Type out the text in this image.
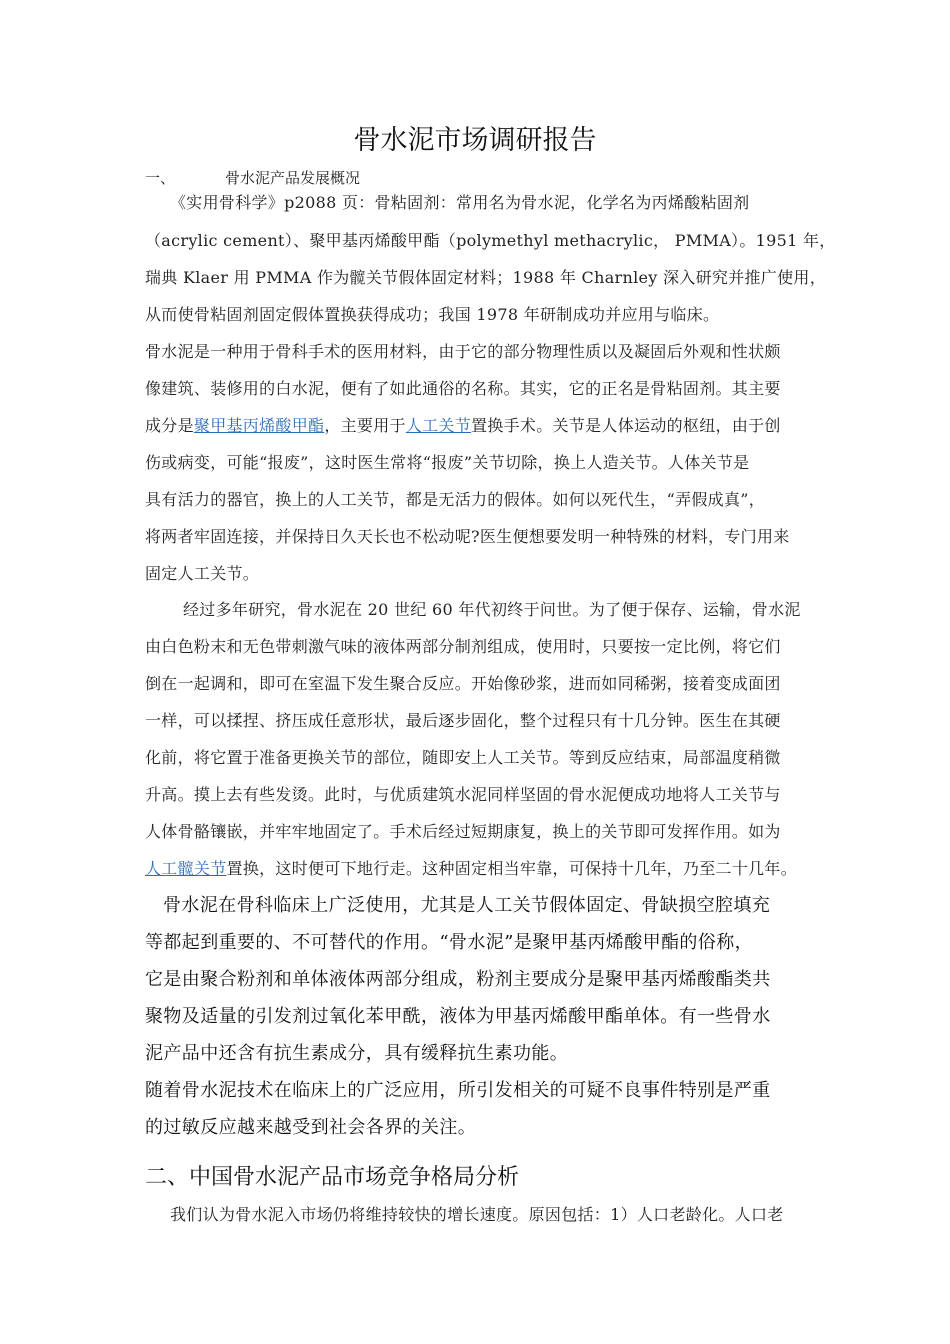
骨水泥市场调研报告
一、	骨水泥产品发展概况
《实用骨科学》p2088 页：骨粘固剂：常用名为骨水泥，化学名为丙烯酸粘固剂
（acrylic cement）、聚甲基丙烯酸甲酯（polymethyl methacrylic， PMMA）。1951 年，
瑞典 Klaer 用 PMMA 作为髋关节假体固定材料；1988 年 Charnley 深入研究并推广使用，
从而使骨粘固剂固定假体置换获得成功；我国 1978 年研制成功并应用与临床。
骨水泥是一种用于骨科手术的医用材料，由于它的部分物理性质以及凝固后外观和性状颇
像建筑、装修用的白水泥，便有了如此通俗的名称。其实，它的正名是骨粘固剂。其主要
成分是聚甲基丙烯酸甲酯，主要用于人工关节置换手术。关节是人体运动的枢纽，由于创
伤或病变，可能“报废”，这时医生常将“报废”关节切除，换上人造关节。人体关节是
具有活力的器官，换上的人工关节，都是无活力的假体。如何以死代生，“弄假成真”，
将两者牢固连接，并保持日久天长也不松动呢?医生便想要发明一种特殊的材料，专门用来
固定人工关节。
经过多年研究，骨水泥在 20 世纪 60 年代初终于问世。为了便于保存、运输，骨水泥
由白色粉末和无色带刺激气味的液体两部分制剂组成，使用时，只要按一定比例，将它们
倒在一起调和，即可在室温下发生聚合反应。开始像砂浆，进而如同稀粥，接着变成面团
一样，可以揉捏、挤压成任意形状，最后逐步固化，整个过程只有十几分钟。医生在其硬
化前，将它置于准备更换关节的部位，随即安上人工关节。等到反应结束，局部温度稍微
升高。摸上去有些发烫。此时，与优质建筑水泥同样坚固的骨水泥便成功地将人工关节与
人体骨骼镶嵌，并牢牢地固定了。手术后经过短期康复，换上的关节即可发挥作用。如为
人工髋关节置换，这时便可下地行走。这种固定相当牢靠，可保持十几年，乃至二十几年。
骨水泥在骨科临床上广泛使用，尤其是人工关节假体固定、骨缺损空腔填充
等都起到重要的、不可替代的作用。“骨水泥”是聚甲基丙烯酸甲酯的俗称，
它是由聚合粉剂和单体液体两部分组成，粉剂主要成分是聚甲基丙烯酸酯类共
聚物及适量的引发剂过氧化苯甲酰，液体为甲基丙烯酸甲酯单体。有一些骨水
泥产品中还含有抗生素成分，具有缓释抗生素功能。
随着骨水泥技术在临床上的广泛应用，所引发相关的可疑不良事件特别是严重
的过敏反应越来越受到社会各界的关注。
二、中国骨水泥产品市场竞争格局分析
我们认为骨水泥入市场仍将维持较快的增长速度。原因包括：1）人口老龄化。人口老
